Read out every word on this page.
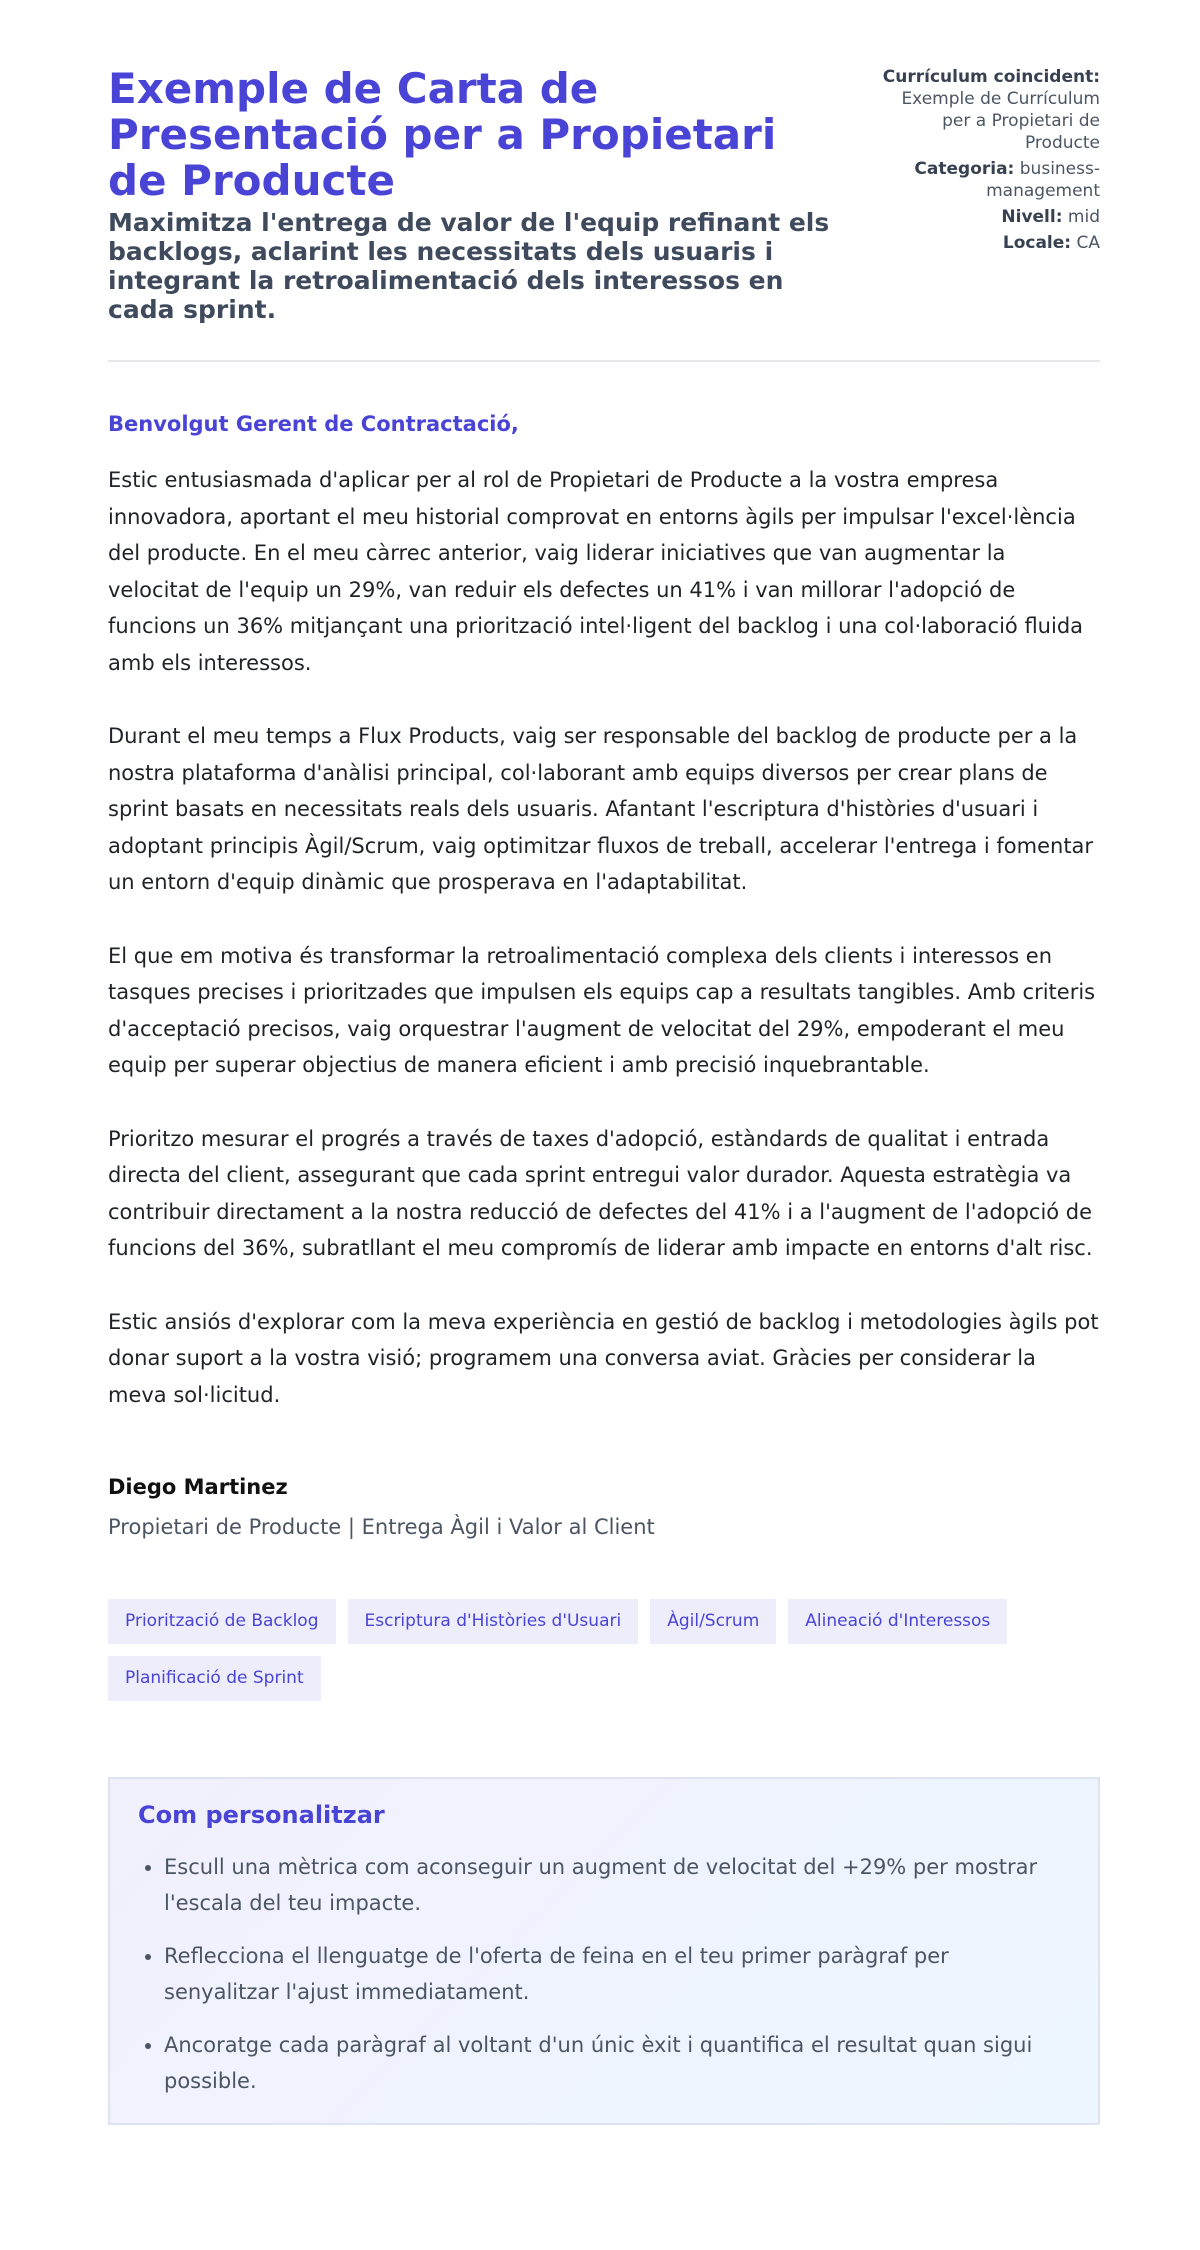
Exemple de Carta de Presentació per a Propietari de Producte

Maximitza l'entrega de valor de l'equip refinant els backlogs, aclarint les necessitats dels usuaris i integrant la retroalimentació dels interessos en cada sprint.

Currículum coincident: Exemple de Currículum per a Propietari de Producte
Categoria: business-management
Nivell: mid
Locale: CA
Benvolgut Gerent de Contractació,

Estic entusiasmada d'aplicar per al rol de Propietari de Producte a la vostra empresa innovadora, aportant el meu historial comprovat en entorns àgils per impulsar l'excel·lència del producte. En el meu càrrec anterior, vaig liderar iniciatives que van augmentar la velocitat de l'equip un 29%, van reduir els defectes un 41% i van millorar l'adopció de funcions un 36% mitjançant una priorització intel·ligent del backlog i una col·laboració fluida amb els interessos.

Durant el meu temps a Flux Products, vaig ser responsable del backlog de producte per a la nostra plataforma d'anàlisi principal, col·laborant amb equips diversos per crear plans de sprint basats en necessitats reals dels usuaris. Afantant l'escriptura d'històries d'usuari i adoptant principis Àgil/Scrum, vaig optimitzar fluxos de treball, accelerar l'entrega i fomentar un entorn d'equip dinàmic que prosperava en l'adaptabilitat.

El que em motiva és transformar la retroalimentació complexa dels clients i interessos en tasques precises i prioritzades que impulsen els equips cap a resultats tangibles. Amb criteris d'acceptació precisos, vaig orquestrar l'augment de velocitat del 29%, empoderant el meu equip per superar objectius de manera eficient i amb precisió inquebrantable.

Prioritzo mesurar el progrés a través de taxes d'adopció, estàndards de qualitat i entrada directa del client, assegurant que cada sprint entregui valor durador. Aquesta estratègia va contribuir directament a la nostra reducció de defectes del 41% i a l'augment de l'adopció de funcions del 36%, subratllant el meu compromís de liderar amb impacte en entorns d'alt risc.

Estic ansiós d'explorar com la meva experiència en gestió de backlog i metodologies àgils pot donar suport a la vostra visió; programem una conversa aviat. Gràcies per considerar la meva sol·licitud.

Diego Martinez
Propietari de Producte | Entrega Àgil i Valor al Client
Priorització de Backlog	Escriptura d'Històries d'Usuari	Àgil/Scrum	Alineació d'Interessos
Planificació de Sprint
Com personalitzar
• Escull una mètrica com aconseguir un augment de velocitat del +29% per mostrar l'escala del teu impacte.
• Reflecciona el llenguatge de l'oferta de feina en el teu primer paràgraf per senyalitzar l'ajust immediatament.
• Ancoratge cada paràgraf al voltant d'un únic èxit i quantifica el resultat quan sigui possible.
